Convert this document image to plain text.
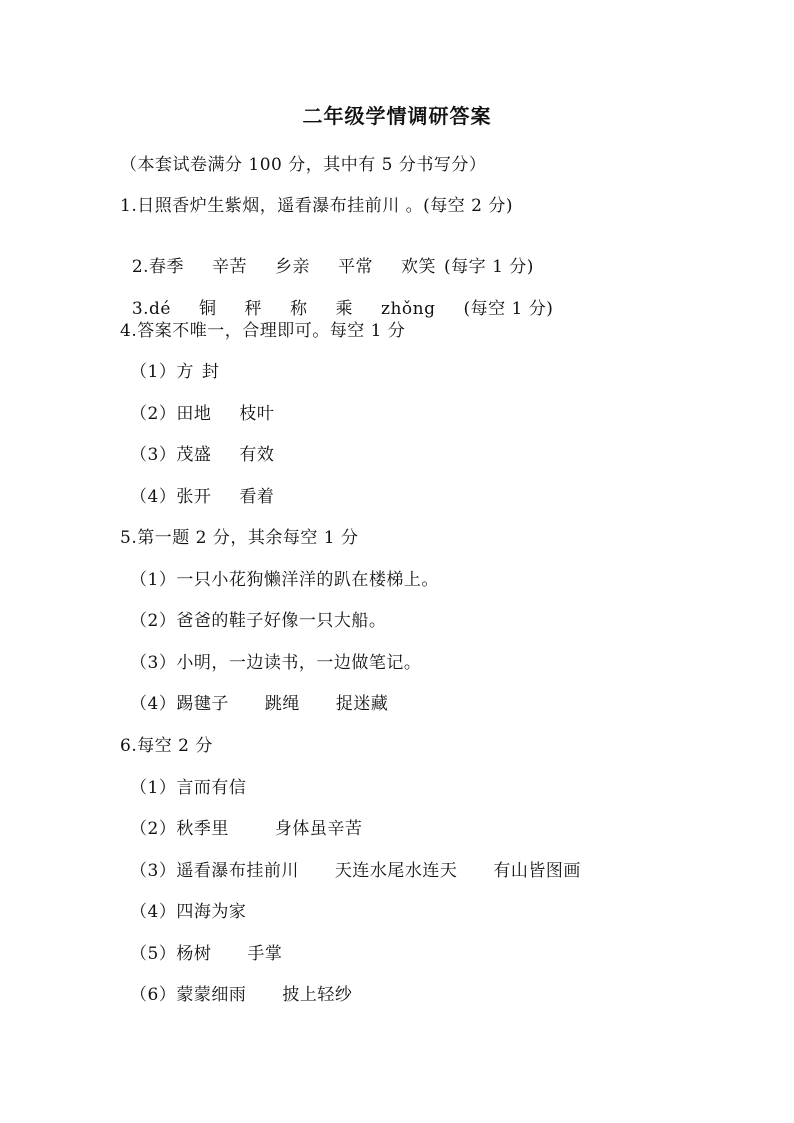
二年级学情调研答案
（本套试卷满分 100 分，其中有 5 分书写分）
1.日照香炉生紫烟，遥看瀑布挂前川 。(每空 2 分)

2.春季 辛苦 乡亲 平常 欢笑 (每字 1 分)

3.dé 铜 秤 称 乘 zhǒng (每空 1 分)

4.答案不唯一，合理即可。每空 1 分
（1）方 封
（2）田地 枝叶
（3）茂盛 有效
（4）张开 看着
5.第一题 2 分，其余每空 1 分
（1）一只小花狗懒洋洋的趴在楼梯上。
（2）爸爸的鞋子好像一只大船。
（3）小明，一边读书，一边做笔记。
（4）踢毽子 跳绳 捉迷藏
6.每空 2 分
（1）言而有信
（2）秋季里	身体虽辛苦
（3）遥看瀑布挂前川 天连水尾水连天 有山皆图画
（4）四海为家
（5）杨树 手掌
（6）蒙蒙细雨 披上轻纱
